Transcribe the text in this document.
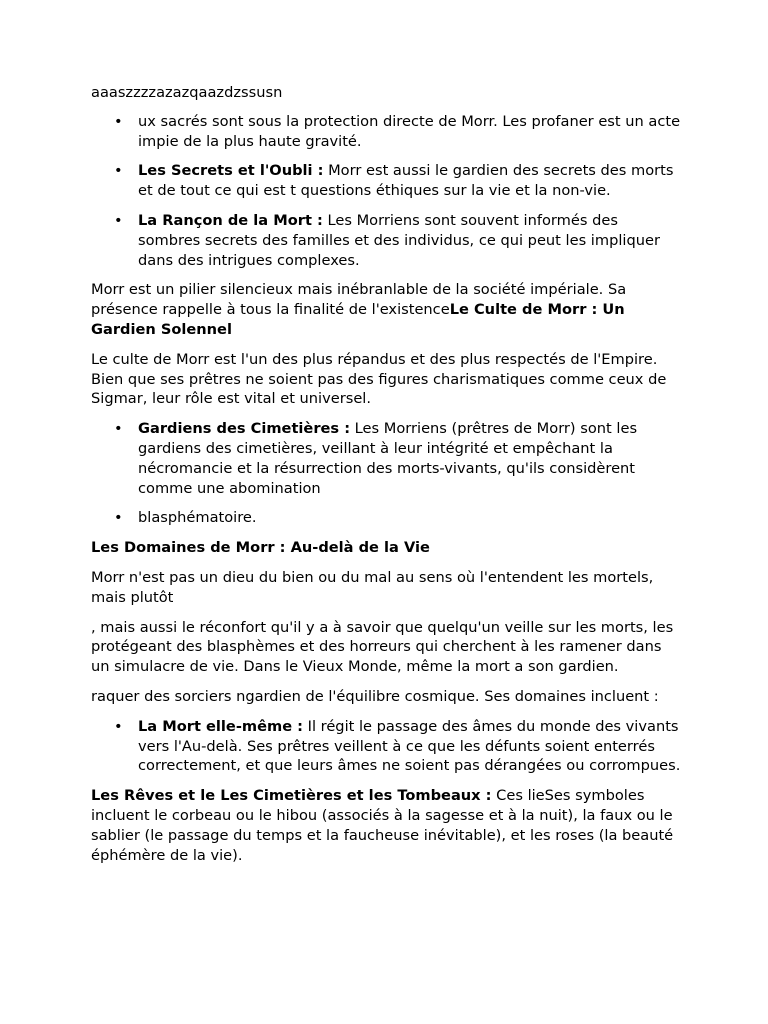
aaaszzzzazazqaazdzssusn

• ux sacrés sont sous la protection directe de Morr. Les profaner est un acte impie de la plus haute gravité.
• Les Secrets et l'Oubli : Morr est aussi le gardien des secrets des morts et de tout ce qui est t questions éthiques sur la vie et la non-vie.
• La Rançon de la Mort : Les Morriens sont souvent informés des sombres secrets des familles et des individus, ce qui peut les impliquer dans des intrigues complexes.

Morr est un pilier silencieux mais inébranlable de la société impériale. Sa présence rappelle à tous la finalité de l'existenceLe Culte de Morr : Un Gardien Solennel

Le culte de Morr est l'un des plus répandus et des plus respectés de l'Empire. Bien que ses prêtres ne soient pas des figures charismatiques comme ceux de Sigmar, leur rôle est vital et universel.

• Gardiens des Cimetières : Les Morriens (prêtres de Morr) sont les gardiens des cimetières, veillant à leur intégrité et empêchant la nécromancie et la résurrection des morts-vivants, qu'ils considèrent comme une abomination
• blasphématoire.

Les Domaines de Morr : Au-delà de la Vie

Morr n'est pas un dieu du bien ou du mal au sens où l'entendent les mortels, mais plutôt

, mais aussi le réconfort qu'il y a à savoir que quelqu'un veille sur les morts, les protégeant des blasphèmes et des horreurs qui cherchent à les ramener dans un simulacre de vie. Dans le Vieux Monde, même la mort a son gardien.

raquer des sorciers ngardien de l'équilibre cosmique. Ses domaines incluent :

• La Mort elle-même : Il régit le passage des âmes du monde des vivants vers l'Au-delà. Ses prêtres veillent à ce que les défunts soient enterrés correctement, et que leurs âmes ne soient pas dérangées ou corrompues.

Les Rêves et le Les Cimetières et les Tombeaux : Ces lieSes symboles incluent le corbeau ou le hibou (associés à la sagesse et à la nuit), la faux ou le sablier (le passage du temps et la faucheuse inévitable), et les roses (la beauté éphémère de la vie).
